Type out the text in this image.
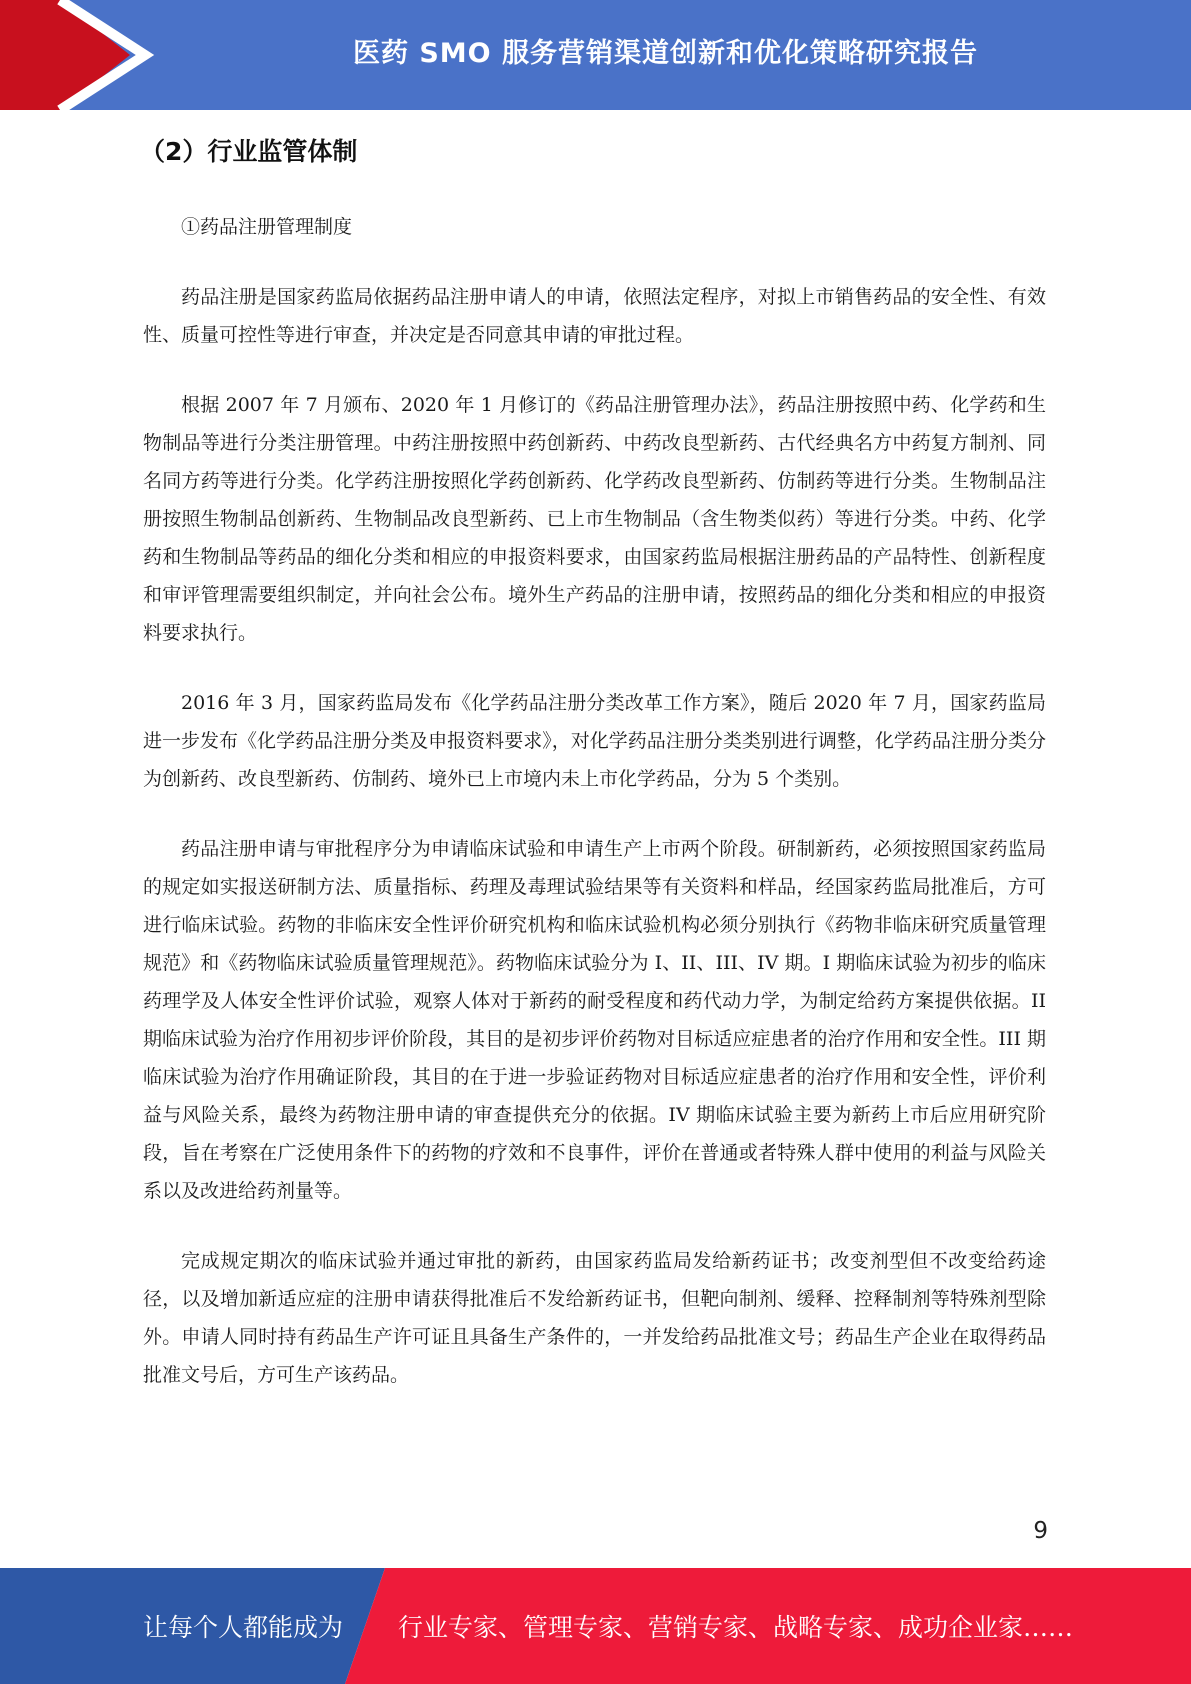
医药 SMO 服务营销渠道创新和优化策略研究报告
（2）行业监管体制

①药品注册管理制度

药品注册是国家药监局依据药品注册申请人的申请，依照法定程序，对拟上市销售药品的安全性、有效性、质量可控性等进行审查，并决定是否同意其申请的审批过程。

根据 2007 年 7 月颁布、2020 年 1 月修订的《药品注册管理办法》，药品注册按照中药、化学药和生物制品等进行分类注册管理。中药注册按照中药创新药、中药改良型新药、古代经典名方中药复方制剂、同名同方药等进行分类。化学药注册按照化学药创新药、化学药改良型新药、仿制药等进行分类。生物制品注册按照生物制品创新药、生物制品改良型新药、已上市生物制品（含生物类似药）等进行分类。中药、化学药和生物制品等药品的细化分类和相应的申报资料要求，由国家药监局根据注册药品的产品特性、创新程度和审评管理需要组织制定，并向社会公布。境外生产药品的注册申请，按照药品的细化分类和相应的申报资料要求执行。

2016 年 3 月，国家药监局发布《化学药品注册分类改革工作方案》，随后 2020 年 7 月，国家药监局进一步发布《化学药品注册分类及申报资料要求》，对化学药品注册分类类别进行调整，化学药品注册分类分为创新药、改良型新药、仿制药、境外已上市境内未上市化学药品，分为 5 个类别。

药品注册申请与审批程序分为申请临床试验和申请生产上市两个阶段。研制新药，必须按照国家药监局的规定如实报送研制方法、质量指标、药理及毒理试验结果等有关资料和样品，经国家药监局批准后，方可进行临床试验。药物的非临床安全性评价研究机构和临床试验机构必须分别执行《药物非临床研究质量管理规范》和《药物临床试验质量管理规范》。药物临床试验分为 I、II、III、IV 期。I 期临床试验为初步的临床药理学及人体安全性评价试验，观察人体对于新药的耐受程度和药代动力学，为制定给药方案提供依据。II 期临床试验为治疗作用初步评价阶段，其目的是初步评价药物对目标适应症患者的治疗作用和安全性。III 期临床试验为治疗作用确证阶段，其目的在于进一步验证药物对目标适应症患者的治疗作用和安全性，评价利益与风险关系，最终为药物注册申请的审查提供充分的依据。IV 期临床试验主要为新药上市后应用研究阶段，旨在考察在广泛使用条件下的药物的疗效和不良事件，评价在普通或者特殊人群中使用的利益与风险关系以及改进给药剂量等。

完成规定期次的临床试验并通过审批的新药，由国家药监局发给新药证书；改变剂型但不改变给药途径，以及增加新适应症的注册申请获得批准后不发给新药证书，但靶向制剂、缓释、控释制剂等特殊剂型除外。申请人同时持有药品生产许可证且具备生产条件的，一并发给药品批准文号；药品生产企业在取得药品批准文号后，方可生产该药品。

9
让每个人都能成为 行业专家、管理专家、营销专家、战略专家、成功企业家……
